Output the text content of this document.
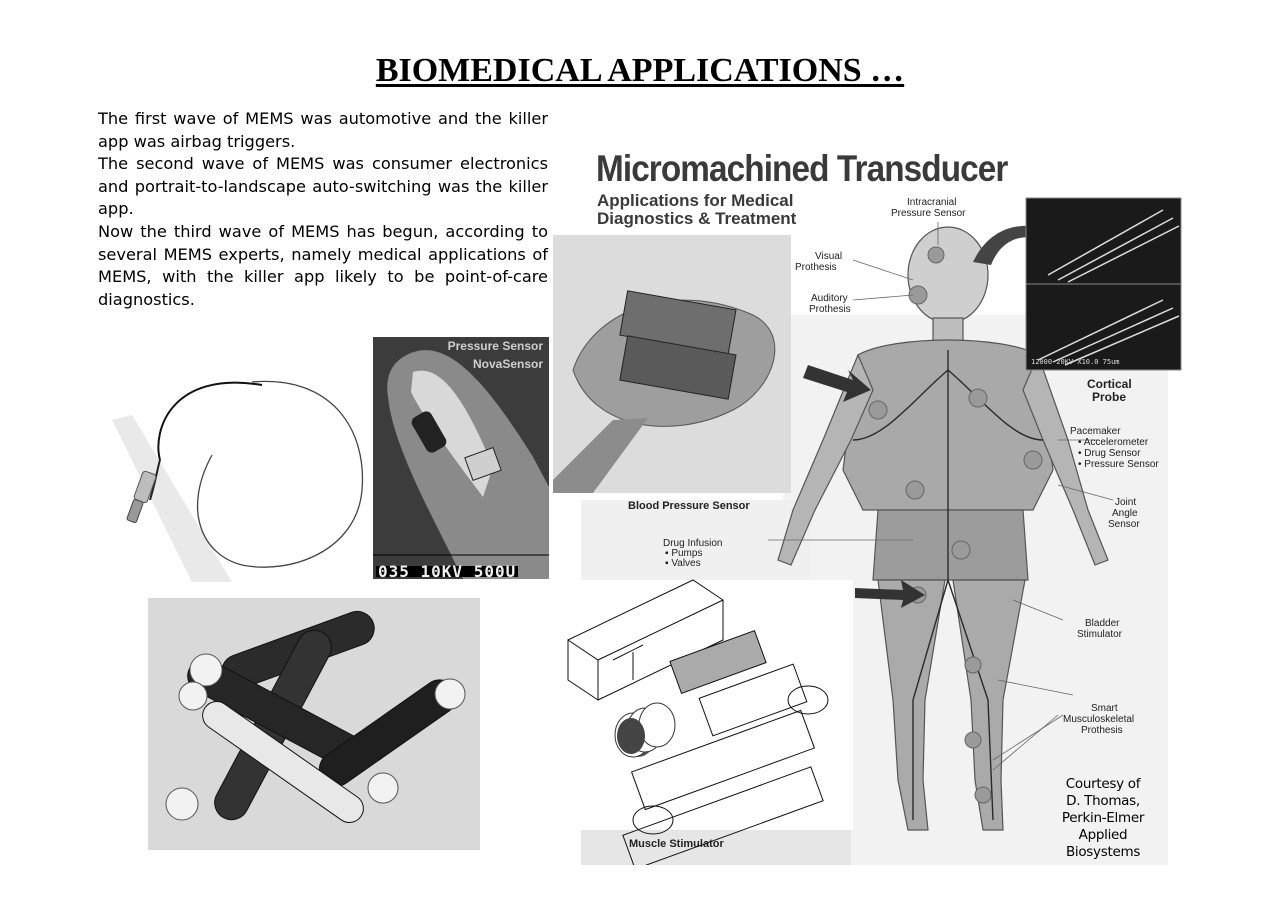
BIOMEDICAL APPLICATIONS …

The first wave of MEMS was automotive and the killer app was airbag triggers.

The second wave of MEMS was consumer electronics and portrait-to-landscape auto-switching was the killer app.

Now the third wave of MEMS has begun, according to several MEMS experts, namely medical applications of MEMS, with the killer app likely to be point-of-care diagnostics.

Pressure Sensor
NovaSensor
035 10KV 500U
Micromachined Transducer
Applications for Medical
Diagnostics & Treatment
Intracranial
Pressure Sensor
Visual
Prothesis
Auditory
Prothesis
Blood Pressure Sensor
Drug Infusion
▪ Pumps
▪ Valves
Cortical
Probe
Pacemaker
• Accelerometer
• Drug Sensor
• Pressure Sensor
Joint
Angle
Sensor
Bladder
Stimulator
Smart
Musculoskeletal
Prothesis
Muscle Stimulator
12000 20KV X10.0 75um
Courtesy of
D. Thomas,
Perkin-Elmer
Applied
Biosystems
